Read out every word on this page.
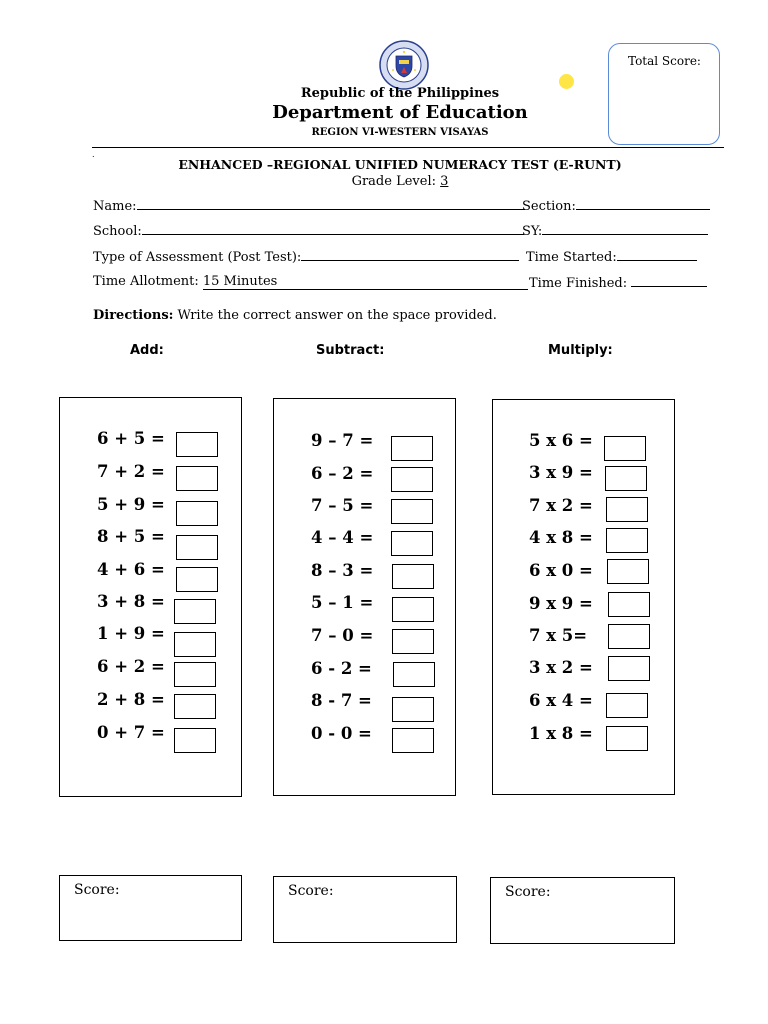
Republic of the Philippines
Department of Education
REGION VI-WESTERN VISAYAS
Total Score:
.
ENHANCED –REGIONAL UNIFIED NUMERACY TEST (E-RUNT)
Grade Level: 3
Name:	Section:
School:	SY:
Type of Assessment (Post Test):	Time Started:
Time Allotment: 15 Minutes	Time Finished:
Directions: Write the correct answer on the space provided.
Add:	Subtract:	Multiply:
6 + 5 =
7 + 2 =
5 + 9 =
8 + 5 =
4 + 6 =
3 + 8 =
1 + 9 =
6 + 2 =
2 + 8 =
0 + 7 =
9 – 7 =
6 – 2 =
7 – 5 =
4 – 4 =
8 – 3 =
5 – 1 =
7 – 0 =
6 - 2 =
8 - 7 =
0 - 0 =
5 x 6 =
3 x 9 =
7 x 2 =
4 x 8 =
6 x 0 =
9 x 9 =
7 x 5=
3 x 2 =
6 x 4 =
1 x 8 =
Score:	Score:	Score:
